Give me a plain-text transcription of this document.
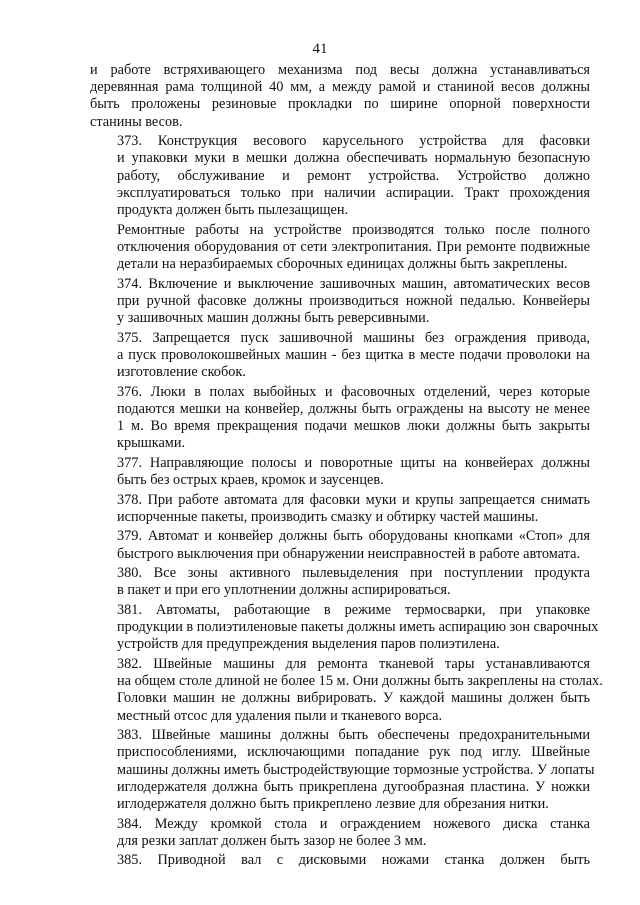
41
и работе встряхивающего механизма под весы должна устанавливаться
деревянная рама толщиной 40 мм, а между рамой и станиной весов должны
быть проложены резиновые прокладки по ширине опорной поверхности
станины весов.
373. Конструкция весового карусельного устройства для фасовки
и упаковки муки в мешки должна обеспечивать нормальную безопасную
работу, обслуживание и ремонт устройства. Устройство должно
эксплуатироваться только при наличии аспирации. Тракт прохождения
продукта должен быть пылезащищен.
Ремонтные работы на устройстве производятся только после полного
отключения оборудования от сети электропитания. При ремонте подвижные
детали на неразбираемых сборочных единицах должны быть закреплены.
374. Включение и выключение зашивочных машин, автоматических весов
при ручной фасовке должны производиться ножной педалью. Конвейеры
у зашивочных машин должны быть реверсивными.
375. Запрещается пуск зашивочной машины без ограждения привода,
а пуск проволокошвейных машин - без щитка в месте подачи проволоки на
изготовление скобок.
376. Люки в полах выбойных и фасовочных отделений, через которые
подаются мешки на конвейер, должны быть ограждены на высоту не менее
1 м. Во время прекращения подачи мешков люки должны быть закрыты
крышками.
377. Направляющие полосы и поворотные щиты на конвейерах должны
быть без острых краев, кромок и заусенцев.
378. При работе автомата для фасовки муки и крупы запрещается снимать
испорченные пакеты, производить смазку и обтирку частей машины.
379. Автомат и конвейер должны быть оборудованы кнопками «Стоп» для
быстрого выключения при обнаружении неисправностей в работе автомата.
380. Все зоны активного пылевыделения при поступлении продукта
в пакет и при его уплотнении должны аспирироваться.
381. Автоматы, работающие в режиме термосварки, при упаковке
продукции в полиэтиленовые пакеты должны иметь аспирацию зон сварочных
устройств для предупреждения выделения паров полиэтилена.
382. Швейные машины для ремонта тканевой тары устанавливаются
на общем столе длиной не более 15 м. Они должны быть закреплены на столах.
Головки машин не должны вибрировать. У каждой машины должен быть
местный отсос для удаления пыли и тканевого ворса.
383. Швейные машины должны быть обеспечены предохранительными
приспособлениями, исключающими попадание рук под иглу. Швейные
машины должны иметь быстродействующие тормозные устройства. У лопаты
иглодержателя должна быть прикреплена дугообразная пластина. У ножки
иглодержателя должно быть прикреплено лезвие для обрезания нитки.
384. Между кромкой стола и ограждением ножевого диска станка
для резки заплат должен быть зазор не более 3 мм.
385. Приводной вал с дисковыми ножами станка должен быть
